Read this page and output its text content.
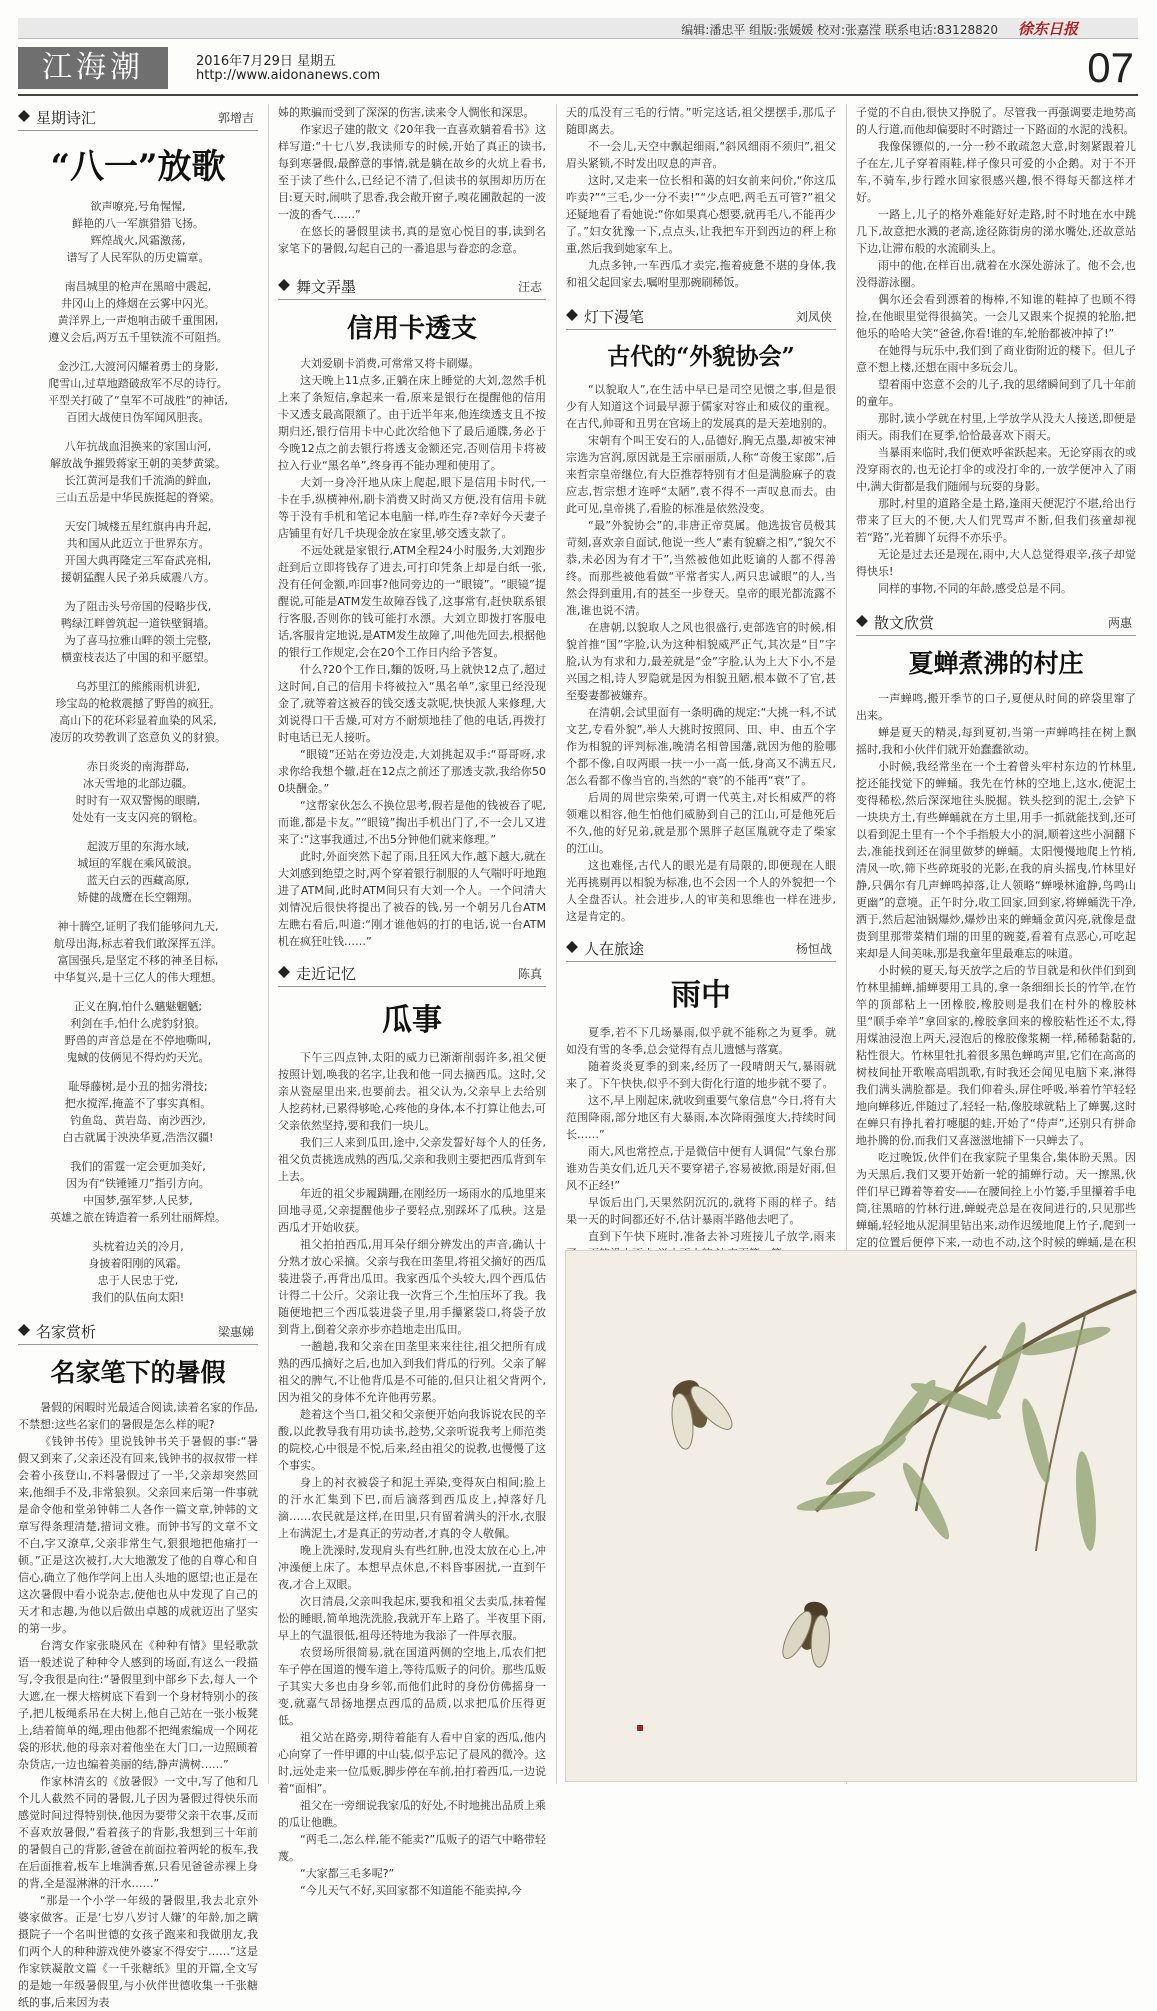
编辑:潘忠平 组版:张媛媛 校对:张嘉滢 联系电话:83128820 徐东日报
江海潮	2016年7月29日 星期五
http://www.aidonanews.com	07
星期诗汇	郭增吉
“八一”放歌

欲声嘹亮,号角惺惺,
鲜艳的八一军旗猎猎飞扬。
辉煌战火,风霜激荡,
谱写了人民军队的历史篇章。

南昌城里的枪声在黑暗中震起,
井冈山上的烽烟在云雾中闪光。
黄洋界上,一声炮响击破千重围困,
遵义会后,两万五千里铁流不可阻挡。

金沙江,大渡河闪耀着勇士的身影,
爬雪山,过草地踏破敌军不尽的诗行。
平型关打破了“皇军不可战胜”的神话,
百团大战使日伪军闻风胆丧。

八年抗战血泪换来的家国山河,
解放战争摧毁蒋家王朝的美梦黄粱。
长江黄河是我们千流淌的鲜血,
三山五岳是中华民族挺起的脊梁。

天安门城楼五星红旗冉冉升起,
共和国从此迈立于世界东方。
开国大典再隆定三军奋武亮相,
援朝猛醒人民子弟兵威震八方。

为了阻击头号帝国的侵略步伐,
鸭绿江畔曾筑起一道铁壁铜墙。
为了喜马拉雅山畔的领土完整,
横蛮枝表达了中国的和平愿望。

乌苏里江的熊熊雨机讲犯,
珍宝岛的枪救震撼了野兽的疯狂。
高山下的花环彩显着血染的风采,
凌厉的攻势教训了恣意负义的豺狼。

赤日炎炎的南海群岛,
冰天雪地的北部边疆。
时时有一双双警惕的眼睛,
处处有一支支闪亮的钢枪。

起波万里的东海水域,
城垣的军舰在乘风破浪。
蓝天白云的西藏高原,
矫健的战鹰在长空翱翔。

神十腾空,证明了我们能够问九天,
航母出海,标志着我们敢深挥五洋。
富国强兵,是坚定不移的神圣目标,
中华复兴,是十三亿人的伟大理想。

正义在胸,怕什么魑魅魍魉;
利剑在手,怕什么虎豹豺狼。
野兽的声音总是在不停地嘶叫,
鬼蜮的伎俩见不得灼灼天光。

耻辱藤树,是小丑的拙劣滑技;
把水搅浑,掩盖不了事实真相。
钓鱼岛、黄岩岛、南沙西沙,
白古就属于泱泱华夏,浩浩汉疆!

我们的雷霆一定会更加美好,
因为有“铁锤锤刀”指引方向。
中国梦,强军梦,人民梦,
英雄之旅在铸造着一系列壮丽辉煌。

头枕着边关的冷月,
身披着阳刚的风霜。
忠于人民忠于党,
我们的队伍向太阳!

名家赏析	梁惠娣
名家笔下的暑假

暑假的闲暇时光最适合阅读,读着名家的作品,不禁想:这些名家们的暑假是怎么样的呢?

《钱钟书传》里说钱钟书关于暑假的事:“暑假又到来了,父亲还没有回来,钱钟书的叔叔带一样会着小孩登山,不料暑假过了一半,父亲却突然回来,他细手不及,非常狼狈。父亲回来后第一件事就是命令他和堂弟钟韩二人各作一篇文章,钟韩的文章写得条理清楚,措词文雅。而钟书写的文章不文不白,字又潦草,父亲非常生气,狠狠地把他痛打一顿。”正是这次被打,大大地激发了他的自尊心和自信心,确立了他作学问上出人头地的愿望;也正是在这次暑假中看小说杂志,使他也从中发现了自己的天才和志趣,为他以后做出卓越的成就迈出了坚实的第一步。

台湾女作家张晓风在《种种有情》里轻歌款语一般述说了种种令人感到的场面,有这么一段描写,令我很是向往:“暑假里到中部乡下去,每人一个大遮,在一棵大榕树底下看到一个身材特别小的孩子,把儿板绳系吊在大树上,他自己站在一张小板凳上,结着简单的绳,理由他都不把绳索编成一个网花袋的形状,他的母亲对着他坐在大门口,一边照顾着杂货店,一边也编着美丽的结,静声满树……”

作家林清玄的《放暑假》一文中,写了他和几个儿人截然不同的暑假,儿子因为暑假过得快乐而感觉时间过得特别快,他因为要带父亲干农事,反而不喜欢放暑假,“看着孩子的背影,我想到三十年前的暑假自己的背影,爸爸在前面拉着两轮的板车,我在后面推着,板车上堆满香蕉,只看见爸爸赤裸上身的背,全是湿淋淋的汗水……”

“那是一个小学一年级的暑假里,我去北京外婆家做客。正是‘七岁八岁讨人嫌’的年龄,加之瞒摄院子一个名叫世德的女孩子跑来和我做朋友,我们两个人的种种游戏使外婆家不得安宁……”这是作家铁凝散文篇《一千张糖纸》里的开篇,全文写的是她一年级暑假里,与小伙伴世德收集一千张糖纸的事,后来因为表

姊的欺骗而受到了深深的伤害,读来令人惆怅和深思。

作家迟子建的散文《20年我一直喜欢躺着看书》这样写道:“十七八岁,我读师专的时候,开始了真正的读书,每到寒暑假,最醉意的事情,就是躺在故乡的火炕上看书,至于读了些什么,已经记不清了,但读书的氛围却历历在目:夏天时,闹哄了思香,我会敞开窗子,嗅花圃散起的一波一波的香气……”

在悠长的暑假里读书,真的是宽心悦目的事,读到名家笔下的暑假,勾起自己的一番追思与眷恋的念意。

舞文弄墨	汪志
信用卡透支

大刘爱刷卡消费,可常常又将卡刷爆。

这天晚上11点多,正躺在床上睡觉的大刘,忽然手机上来了条短信,拿起来一看,原来是银行在提醒他的信用卡又透支最高限额了。由于近半年来,他连续透支且不按期归还,银行信用卡中心此次给他下了最后通牒,务必于今晚12点之前去银行将透支金额还完,否则信用卡将被拉入行业“黑名单”,终身再不能办理和使用了。

大刘一身冷汗地从床上爬起,眼下是信用卡时代,一卡在手,纵横神州,刷卡消费又时尚又方便,没有信用卡就等于没有手机和笔记本电脑一样,咋生存?幸好今天妻子店铺里有好几千块现金放在家里,够交透支款了。

不远处就是家银行,ATM全程24小时服务,大刘跑步赶到后立即将钱存了进去,可打印凭条上却是白纸一张,没有任何金额,咋回事?他同旁边的一“眼镜”。“眼镜”提醒说,可能是ATM发生故障吞钱了,这事常有,赶快联系银行客服,否则你的钱可能打水漂。大刘立即拨打客服电话,客服肯定地说,是ATM发生故障了,叫他先回去,根据他的银行工作规定,会在20个工作日内给予答复。

什么?20个工作日,麵的饭呀,马上就快12点了,超过这时间,自己的信用卡将被拉入“黑名单”,家里已经没现金了,就等着这被吞的钱交透支款呢,快快派人来修理,大刘说得口干舌燥,可对方不耐烦地挂了他的电话,再拨打时电话已无人接听。

“眼镜”还站在旁边没走,大刘挑起双手:“哥哥呀,求求你给我想个辙,赶在12点之前还了那透支款,我给你500块酬金。”

“这帮家伙怎么不换位思考,假若是他的钱被吞了呢,而谁,都是卡友。”“眼镜”掏出手机出门了,不一会儿又进来了:“这事我通过,不出5分钟他们就来修理。”

此时,外面突然下起了雨,且狂风大作,越下越大,就在大刘感到绝望之时,两个穿着银行制服的人气喘吁吁地跑进了ATM间,此时ATM间只有大刘一个人。一个问清大刘情况后很快将提出了被吞的钱,另一个朝另几台ATM左瞧右看后,叫道:“刚才谁他妈的打的电话,说一台ATM机在疯狂吐钱……”

走近记忆	陈真
瓜事

下午三四点钟,太阳的威力已渐渐削弱许多,祖父便按照计划,唤我的名字,让我和他一同去摘西瓜。这时,父亲从瓷屋里出来,也要前去。祖父认为,父亲早上去给别人挖药材,已累得够呛,心疼他的身体,本不打算让他去,可父亲依然坚持,要和我们一块儿。

我们三人来到瓜田,途中,父亲发誓好每个人的任务,祖父负责挑选成熟的西瓜,父亲和我则主要把西瓜背到车上去。

年近的祖父步履蹒跚,在刚经历一场雨水的瓜地里来回地寻觅,父亲提醒他步子要轻点,别踩坏了瓜秧。这是西瓜才开始收获。

祖父拍拍西瓜,用耳朵仔细分辨发出的声音,确认十分熟才放心采摘。父亲与我在田垄里,将祖父摘好的西瓜装进袋子,再背出瓜田。我家西瓜个头较大,四个西瓜估计得二十公斤。父亲让我一次背三个,生怕压坏了我。我随便地把三个西瓜装进袋子里,用手攥紧袋口,将袋子放到背上,倒着父亲亦步亦趋地走出瓜田。

一趟趟,我和父亲在田垄里来来往往,祖父把所有成熟的西瓜摘好之后,也加入到我们背瓜的行列。父亲了解祖父的脾气,不让他背瓜是不可能的,但只让祖父背两个,因为祖父的身体不允许他再劳累。

趁着这个当口,祖父和父亲便开始向我诉说农民的辛酸,以此教导我有用功读书,趁势,父亲听说我考上师范类的院校,心中很是不悦,后来,经由祖父的说教,也慢慢了这个事实。

身上的衬衣被袋子和泥土弄染,变得灰白相间;脸上的汗水汇集到下巴,而后滴落到西瓜皮上,掉落好几滴……农民就是这样,在田里,只有留着满头的汗水,衣服上布满泥土,才是真正的劳动者,才真的令人敬佩。

晚上洗澡时,发现肩头有些红肿,也没太放在心上,冲冲澡便上床了。本想早点休息,不料昏事困扰,一直到午夜,才合上双眼。

次日清晨,父亲叫我起床,要我和祖父去卖瓜,抹着惺忪的睡眼,简单地洗洗脸,我就开车上路了。半夜里下雨,早上的气温很低,祖母还特地为我添了一件厚衣服。

农贸场所很简易,就在国道两侧的空地上,瓜农们把车子停在国道的慢车道上,等待瓜贩子的问价。那些瓜贩子其实大多也由身乡邻,而他们此时的身份仿佛摇身一变,就嘉气昂扬地摆点西瓜的品质,以求把瓜价压得更低。

祖父站在路旁,期待着能有人看中自家的西瓜,他内心向穿了一件甲谭的中山装,似乎忘记了晨风的微冷。这时,远处走来一位瓜贩,脚步停在车前,拍打着西瓜,一边说着“面相”。

祖父在一旁细说我家瓜的好处,不时地挑出品质上乘的瓜让他瞧。

“两毛二,怎么样,能不能卖?”瓜贩子的语气中略带轻蔑。

“大家都三毛多呢?”

“今儿天气不好,买回家都不知道能不能卖掉,今

天的瓜没有三毛的行情。”听完这话,祖父摆摆手,那瓜子随即离去。

不一会儿,天空中飘起细雨,“斜风细雨不须归”,祖父眉头紧锁,不时发出叹息的声音。

这时,又走来一位长相和蔼的妇女前来问价,“你这瓜咋卖?”“三毛,少一分不卖!”“少点吧,两毛五可管?”祖父还疑地看了看她说:“你如果真心想要,就再毛八,不能再少了。”妇女犹豫一下,点点头,让我把车开到西边的秤上称重,然后我到她家车上。

九点多钟,一车西瓜才卖完,拖着疲惫不堪的身体,我和祖父起回家去,嘱咐里那碗刷稀饭。

灯下漫笔	刘凤侠
古代的“外貌协会”

“以貌取人”,在生活中早已是司空见惯之事,但是很少有人知道这个词最早源于儒家对容止和威仪的重视。在古代,帅哥和丑男在官场上的发展真的是天差地别的。

宋朝有个叫王安石的人,品德好,胸无点墨,却被宋神宗选为宫润,原因就是王宗丽丽质,人称“奇俊王家郎”,后来哲宗皇帝继位,有大臣推荐特别有才但是满脸麻子的袁应志,哲宗想才连呼“太陋”,袁不得不一声叹息而去。由此可见,皇帝挑了,看脸的标准是依然没变。

“最”外貌协会”的,非唐正帝莫属。他选拔官员极其苛刻,喜欢亲自面试,他说一些人“素有貌癖之相”,“貌欠不恭,未必因为有才干”,当然被他如此贬谪的人都不得善终。而那些被他看做“平常者实人,两只忠诚眼”的人,当然会得到重用,有的甚至一步登天。皇帝的眼光都流露不准,谁也说不清。

在唐朝,以貌取人之风也很盛行,吏部选官的时候,相貌首推“国”字脸,认为这种相貌威严正气,其次是“目”字脸,认为有求和力,最差就是“金”字脸,认为上大下小,不是兴国之相,诗人罗隐就是因为相貌丑陋,根本做不了官,甚至娶妻都被嫌弃。

在清朝,会试里面有一条明确的规定:“大挑一科,不试文艺,专看外貌”,举人大挑时按照同、田、申、由五个字作为相貌的评判标准,晚清名相曾国藩,就因为他的脸哪个都不像,自叹两眼一扶一小一高一低,身高又不满五尺,怎么看都不像当官的,当然的“衰”的不能再“衰”了。

后周的周世宗柴荣,可谓一代英主,对长相威严的将领难以相容,他生怕他们威胁到自己的江山,可是他死后不久,他的好兄弟,就是那个黑胖子赵匡胤就夺走了柴家的江山。

这也难怪,古代人的眼光是有局限的,即便现在人眼光再挑剔再以相貌为标准,也不会因一个人的外貌把一个人全盘否认。社会进步,人的审美和思维也一样在进步,这是肯定的。

人在旅途	杨恒战
雨中

夏季,若不下几场暴雨,似乎就不能称之为夏季。就如没有雪的冬季,总会觉得有点儿遗憾与落寞。

随着炎炎夏季的到来,经历了一段晴朗天气,暴雨就来了。下午快快,似乎不到大街化行道的地步就不要了。

这不,早上刚起床,就收到重要气象信息“今日,将有大范围降雨,部分地区有大暴雨,本次降雨强度大,持续时间长……”

雨大,风也常控点,于是微信中便有人调侃“气象台那谁劝告美女们,近几天不要穿裙子,容易被掀,雨是好雨,但风不正经!”

早饭后出门,天果然阴沉沉的,就将下雨的样子。结果一天的时间都还好不,估计暴雨半路他去吧了。

直到下午快下班时,准备去补习班接儿子放学,雨来

子觉的不自由,很快又挣脱了。尽管我一再强调要走地势高的人行道,而他却偏要时不时踏过一下路面的水泥的浅积。

我像保镖似的,一分一秒不敢疏忽大意,时刻紧跟着儿子在左,儿子穿着雨鞋,样子像只可爱的小企鹅。对于不开车,不骑车,步行蹚水回家很感兴趣,恨不得每天都这样才好。

一路上,儿子的格外难能好好走路,时不时地在水中跳几下,故意把水溅的老高,途径陈街房的涕水嘴处,还故意站下边,让滞布般的水流刷头上。

雨中的他,在样百出,就着在水深处游泳了。他不会,也没得游泳圈。

偶尔还会看到漂着的梅棒,不知谁的鞋掉了也顾不得捡,在他眼里觉得很搞笑。一会儿又跟来个捉摸的轮胎,把他乐的哈哈大笑“爸爸,你看!谁的车,轮胎都被冲掉了!”

在她得与玩乐中,我们到了商业街附近的楼下。但儿子意不想上楼,还想在雨中多玩会儿。

望着雨中恣意不会的儿子,我的思绪瞬间到了几十年前的童年。

那时,读小学就在村里,上学放学从没大人接送,即便是雨天。雨我们在夏季,恰恰最喜欢下雨天。

当暴雨来临时,我们便欢呼雀跃起来。无论穿雨衣的或没穿雨衣的,也无论打伞的或没打伞的,一放学便冲入了雨中,满大街都是我们随闹与玩耍的身影。

那时,村里的道路全是土路,逢雨天便泥泞不堪,给出行带来了巨大的不便,大人们咒骂声不断,但我们孩童却视若“路”,光着脚丫玩得不亦乐乎。

无论是过去还是现在,雨中,大人总觉得艰辛,孩子却觉得快乐!

同样的事物,不同的年龄,感受总是不同。

散文欣赏	两惠
夏蝉煮沸的村庄

一声蝉鸣,搬开季节的口子,夏便从时间的碎袋里窜了出来。

蝉是夏天的精灵,每到夏初,当第一声蝉鸣挂在树上飘摇时,我和小伙伴们就开始蠢蠢欲动。

小时候,我经常坐在一个土着曾头牢村东边的竹林里,挖还能找觉下的蝉蛹。我先在竹林的空地上,这水,使泥土变得稀松,然后深深地往头脱掘。铁头挖到的泥土,会铲下一块块方土,有些蝉蛹就在方土里,用手一抓就能找到,还可以看到泥土里有一个个手指般大小的洞,顺着这些小洞翻下去,准能找到还在洞里做梦的蝉蛹。太阳慢慢地爬上竹梢,清风一吹,筛下些碎斑驳的光影,在我的肩头摇曳,竹林里好静,只偶尔有几声蝉鸣掉落,让人领略“蝉噪林逾静,鸟鸣山更幽”的意境。正午时分,收工回家,回到家,将蝉蛹洗干净,洒于,然后起油锅爆炒,爆炒出来的蝉蛹金黄闪亮,就像是盘贵到里那带菜精们瑞的田里的碗菱,看着有点恶心,可吃起来却是人间美味,那是我童年里最难忘的味道。

小时候的夏天,每天放学之后的节目就是和伙伴们到到竹林里捕蝉,捕蝉要用工具的,拿一条细细长长的竹竿,在竹竿的顶部粘上一团橡胶,橡胶则是我们在村外的橡胶林里“顺手牵羊”拿回家的,橡胶拿回来的橡胶粘性还不太,得用煤油浸泡上两天,浸泡后的橡胶像浆糊一样,稀稀黏黏的,粘性很大。竹林里牡扎着很多黑色蝉鸣声里,它们在高高的树枝间扯开歌喉高唱凯歌,有时我还会闻见电脑下来,淋得我们满头满脸都是。我们仰着头,屏住呼吸,举着竹竿轻轻地向蝉移近,伴随过了,轻轻一粘,像胶球就粘上了蝉翼,这时在蝉只有挣扎着打嚏腿的蛙,开始了“侍声”,还别只有拼命地扑腾的份,而我们又喜滋滋地捕下一只蝉去了。

吃过晚饭,伙伴们在我家院子里集合,集体盼天黑。因为天黑后,我们又要开始新一轮的捕蝉行动。天一擦黑,伙伴们早已蹲着等着安——在腰间拴上小竹篓,手里攥着手电筒,往黑暗的竹林行进,蝉蜕壳总是在夜间进行的,只见那些蝉蛹,轻轻地从泥洞里钻出来,动作迟缓地爬上竹子,爬到一定的位置后便停下来,一动也不动,这个时候的蝉蛹,是在积

▪
